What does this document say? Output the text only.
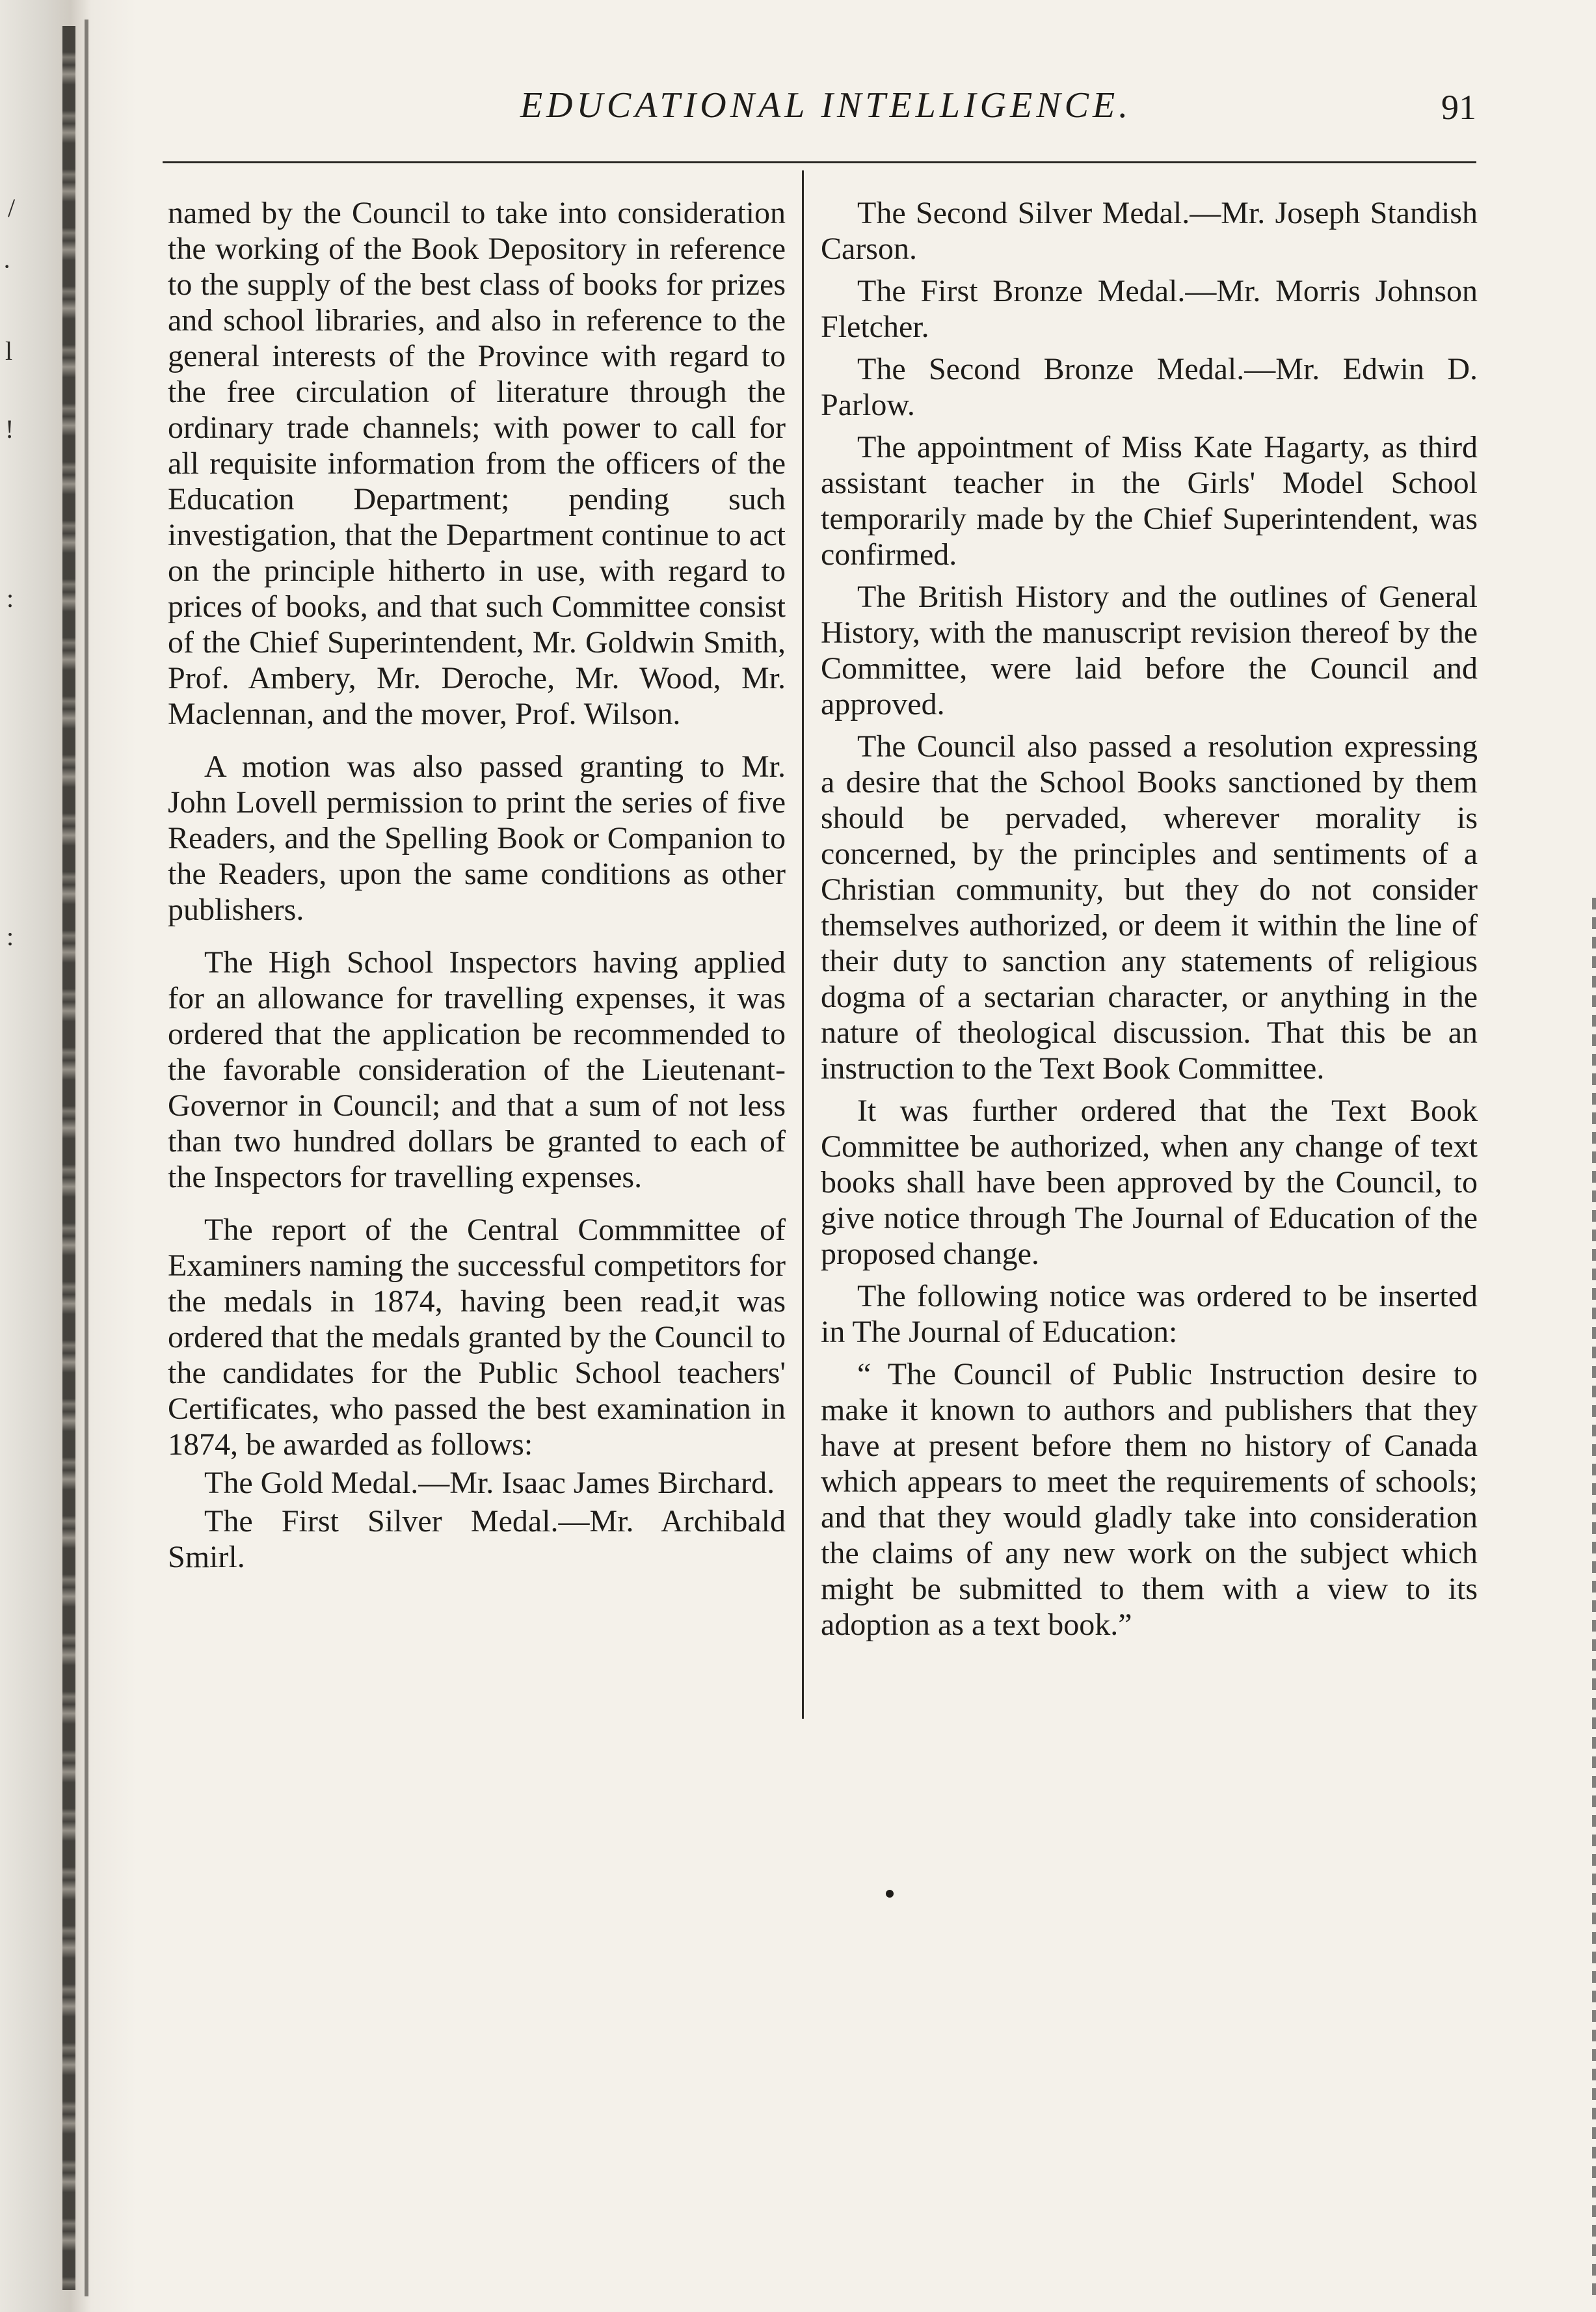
/
·
l
!
:
:
EDUCATIONAL INTELLIGENCE.	91

named by the Council to take into consideration the working of the Book Depository in reference to the supply of the best class of books for prizes and school libraries, and also in reference to the general interests of the Province with regard to the free circulation of literature through the ordinary trade channels; with power to call for all requisite information from the officers of the Education Department; pending such investigation, that the Department continue to act on the principle hitherto in use, with regard to prices of books, and that such Committee consist of the Chief Superintendent, Mr. Goldwin Smith, Prof. Ambery, Mr. Deroche, Mr. Wood, Mr. Maclennan, and the mover, Prof. Wilson.

A motion was also passed granting to Mr. John Lovell permission to print the series of five Readers, and the Spelling Book or Companion to the Readers, upon the same conditions as other publishers.

The High School Inspectors having applied for an allowance for travelling expenses, it was ordered that the application be recommended to the favorable consideration of the Lieutenant-Governor in Council; and that a sum of not less than two hundred dollars be granted to each of the Inspectors for travelling expenses.

The report of the Central Commmittee of Examiners naming the successful competitors for the medals in 1874, having been read,it was ordered that the medals granted by the Council to the candidates for the Public School teachers' Certificates, who passed the best examination in 1874, be awarded as follows:

The Gold Medal.—Mr. Isaac James Birchard.

The First Silver Medal.—Mr. Archibald Smirl.

The Second Silver Medal.—Mr. Joseph Standish Carson.

The First Bronze Medal.—Mr. Morris Johnson Fletcher.

The Second Bronze Medal.—Mr. Edwin D. Parlow.

The appointment of Miss Kate Hagarty, as third assistant teacher in the Girls' Model School temporarily made by the Chief Superintendent, was confirmed.

The British History and the outlines of General History, with the manuscript revision thereof by the Committee, were laid before the Council and approved.

The Council also passed a resolution expressing a desire that the School Books sanctioned by them should be pervaded, wherever morality is concerned, by the principles and sentiments of a Christian community, but they do not consider themselves authorized, or deem it within the line of their duty to sanction any statements of religious dogma of a sectarian character, or anything in the nature of theological discussion. That this be an instruction to the Text Book Committee.

It was further ordered that the Text Book Committee be authorized, when any change of text books shall have been approved by the Council, to give notice through The Journal of Education of the proposed change.

The following notice was ordered to be inserted in The Journal of Education:

“ The Council of Public Instruction desire to make it known to authors and publishers that they have at present before them no history of Canada which appears to meet the requirements of schools; and that they would gladly take into consideration the claims of any new work on the subject which might be submitted to them with a view to its adoption as a text book.”
